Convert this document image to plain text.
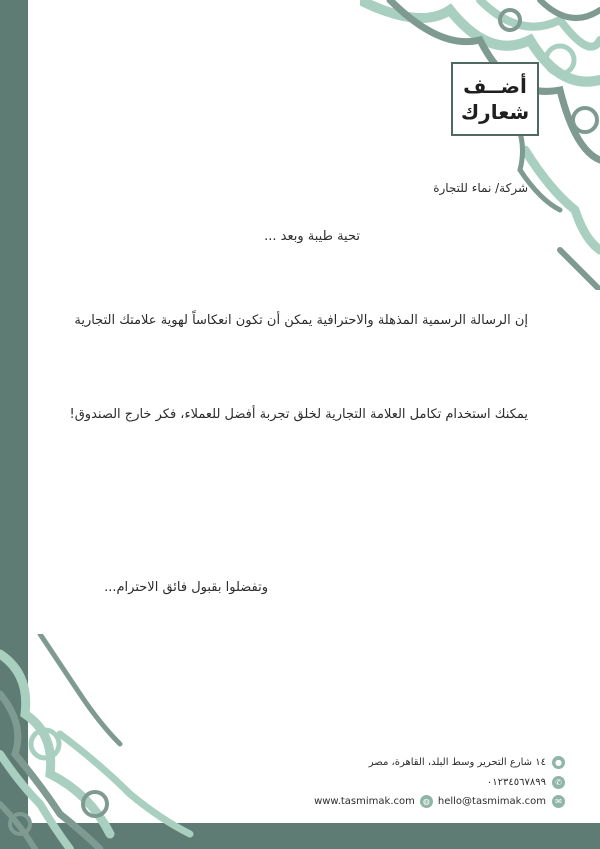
أضــف
شعارك
شركة/ نماء للتجارة
تحية طيبة وبعد ...
إن الرسالة الرسمية المذهلة والاحترافية يمكن أن تكون انعكاساً لهوية علامتك التجارية
يمكنك استخدام تكامل العلامة التجارية لخلق تجربة أفضل للعملاء، فكر خارج الصندوق!
وتفضلوا بقبول فائق الاحترام...
●
١٤ شارع التحرير وسط البلد، القاهرة، مصر
✆
٠١٢٣٤٥٦٧٨٩٩
✉
www.tasmimak.com	◍ hello@tasmimak.com
